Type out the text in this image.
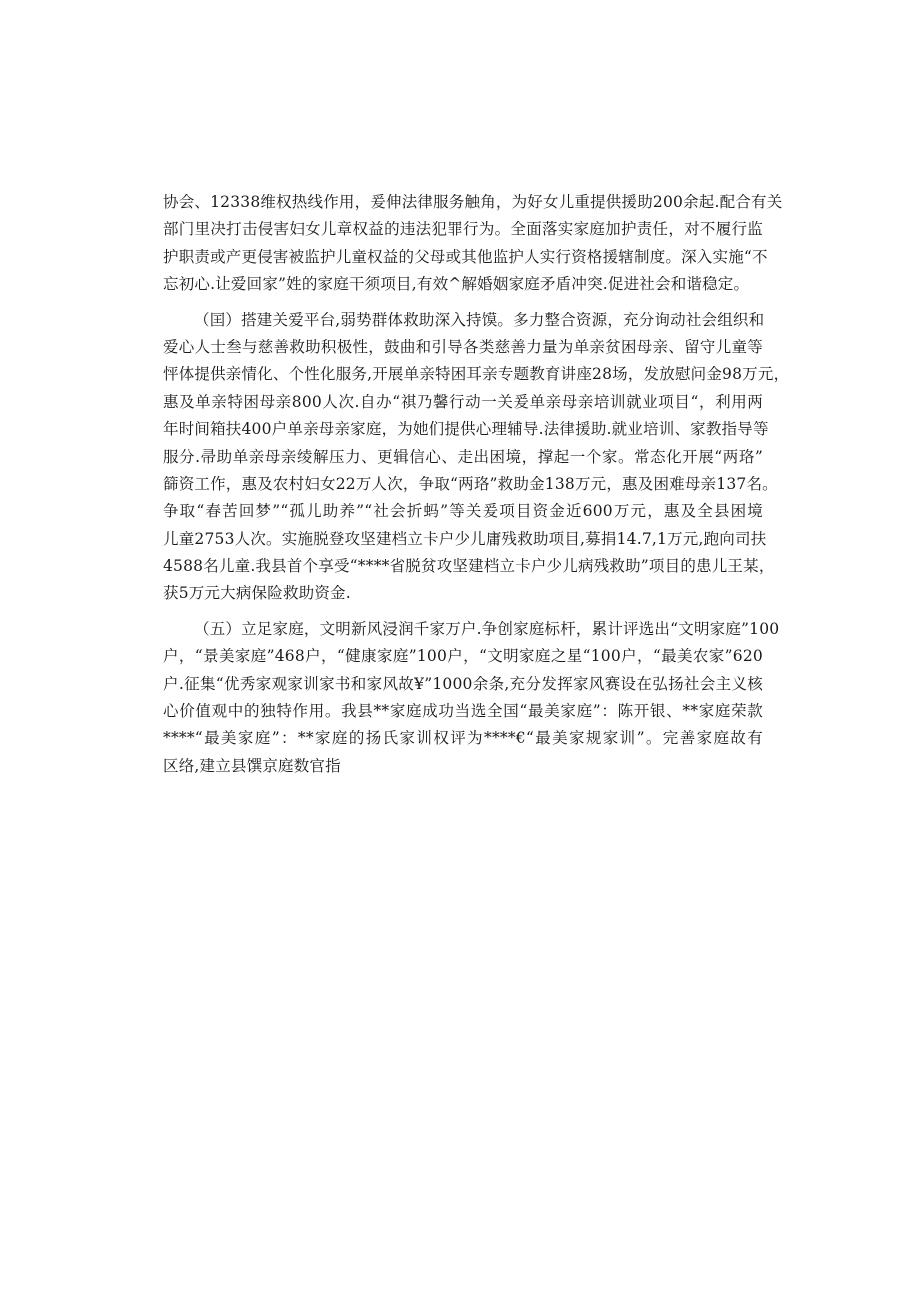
协会、12338维权热线作用，爰伸法律服务触角，为好女儿重提供援助200余起.配合有关
部门里决打击侵害妇女儿章权益的违法犯罪行为。全面落实家庭加护责任，对不履行监
护职责或产更侵害被监护儿童权益的父母或其他监护人实行资格援辖制度。深入实施“不
忘初心.让爱回家”姓的家庭干须项目,有效^解婚姻家庭矛盾冲突.促进社会和谐稳定。
（囯）搭建关爱平台,弱势群体救助深入持馍。多力整合资源，充分询动社会组织和
爱心人士叁与慈善救助积极性，鼓曲和引导各类慈善力量为单亲贫困母亲、留守儿童等
怦体提供亲情化、个性化服务,开展单亲特困耳亲专题教育讲座28场，发放慰问金98万元，
惠及单亲特困母亲800人次.自办“祺乃馨行动一关爰单亲母亲培训就业项目“，利用两
年时间箱扶400户单亲母亲家庭，为她们提供心理辅导.法律援助.就业培训、家教指导等
服分.帚助单亲母亲绫解压力、更辑信心、走出困境，撑起一个家。常态化开展“两珞”
篩资工作，惠及农村妇女22万人次，争取“两珞”救助金138万元，惠及困难母亲137名。
争取“春苦回梦”“孤儿助养”“社会折蚂”等关爰项目资金近600万元，惠及全县困境
儿童2753人次。实施脱登攻坚建档立卡户少儿庸残救助项目,募捐14.7,1万元,跑向司扶
4588名儿童.我县首个享受“****省脱贫攻坚建档立卡户少儿病残救助”项目的患儿王某，
获5万元大病保险救助资金.
（五）立足家庭，文明新风浸润千家万户.争创家庭标杆，累计评选出“文明家庭”100
户，“景美家庭”468户，“健康家庭”100户，“文明家庭之星“100户，“最美农家”620
户.征集“优秀家观家训家书和家风故¥”1000余条,充分发挥家风赛设在弘扬社会主义核
心价值观中的独特作用。我县**家庭成功当选全国“最美家庭”：陈开银、**家庭荣款
****“最美家庭”：**家庭的扬氏家训权评为****€“最美家规家训”。完善家庭故有
区络,建立县馔京庭数官指
